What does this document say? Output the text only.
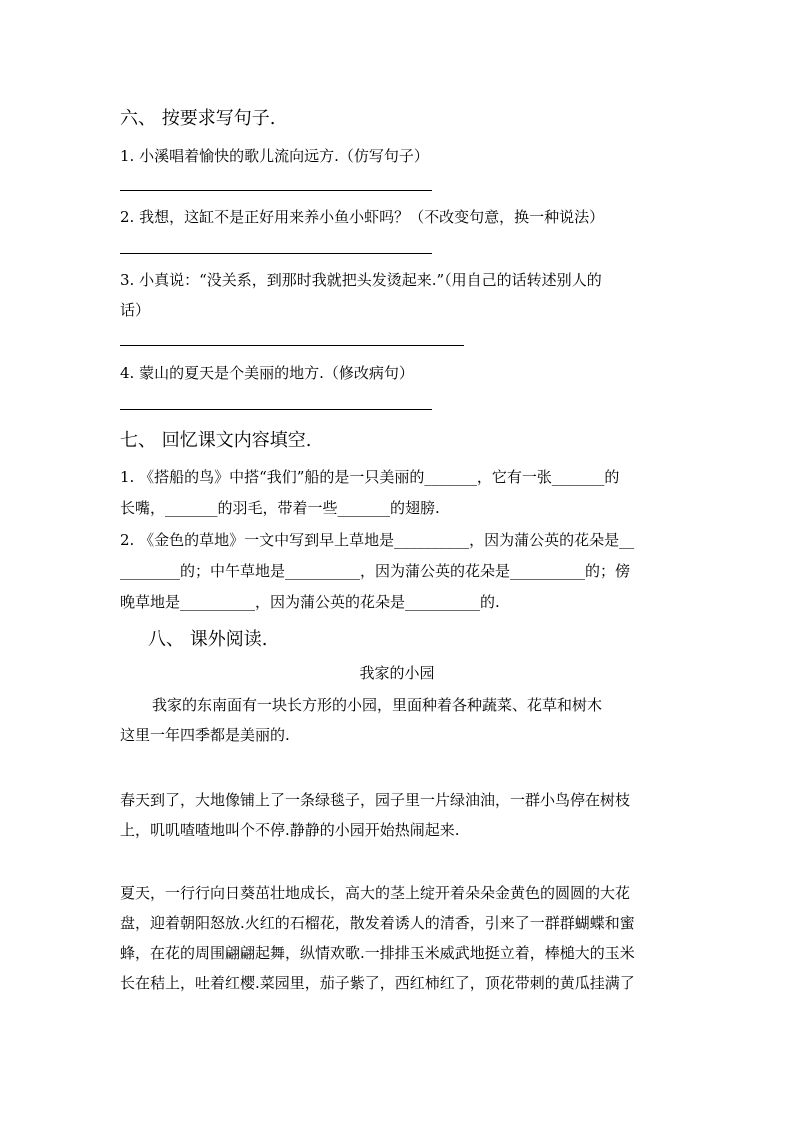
六、 按要求写句子.
1. 小溪唱着愉快的歌儿流向远方.（仿写句子）
2. 我想，这缸不是正好用来养小鱼小虾吗？（不改变句意，换一种说法）
3. 小真说：“没关系，到那时我就把头发烫起来.”（用自己的话转述别人的
话）
4. 蒙山的夏天是个美丽的地方.（修改病句）
七、 回忆课文内容填空.
1. 《搭船的鸟》中搭“我们”船的是一只美丽的_______，它有一张_______的
长嘴，_______的羽毛，带着一些_______的翅膀.
2. 《金色的草地》一文中写到早上草地是__________，因为蒲公英的花朵是__
________的；中午草地是__________，因为蒲公英的花朵是__________的；傍
晚草地是__________，因为蒲公英的花朵是__________的.
八、 课外阅读.
我家的小园
我家的东南面有一块长方形的小园，里面种着各种蔬菜、花草和树木
这里一年四季都是美丽的.
春天到了，大地像铺上了一条绿毯子，园子里一片绿油油，一群小鸟停在树枝
上，叽叽喳喳地叫个不停.静静的小园开始热闹起来.
夏天，一行行向日葵茁壮地成长，高大的茎上绽开着朵朵金黄色的圆圆的大花
盘，迎着朝阳怒放.火红的石榴花，散发着诱人的清香，引来了一群群蝴蝶和蜜
蜂，在花的周围翩翩起舞，纵情欢歌.一排排玉米威武地挺立着，棒槌大的玉米
长在秸上，吐着红樱.菜园里，茄子紫了，西红柿红了，顶花带刺的黄瓜挂满了
